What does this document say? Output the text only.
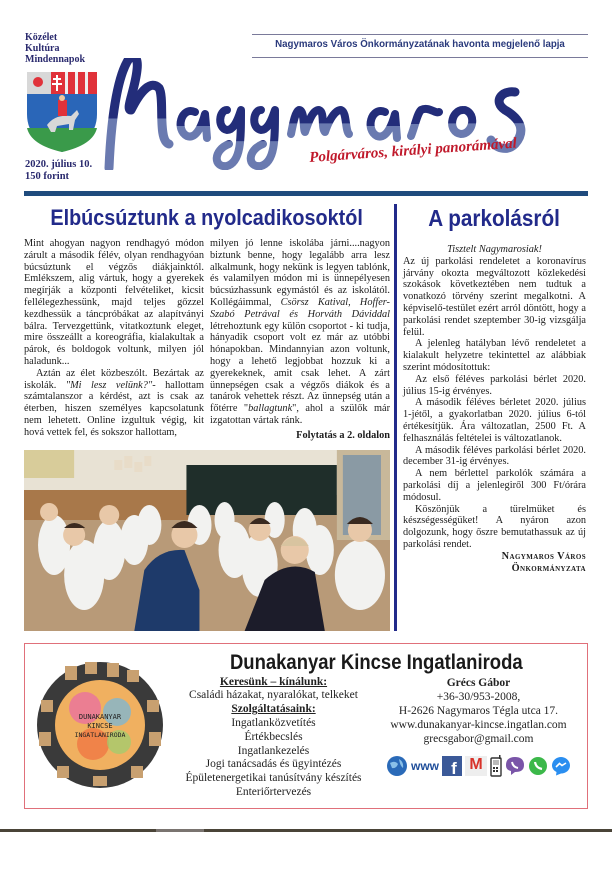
Közélet
Kultúra
Mindennapok
2020. július 10.
150 forint
Nagymaros Város Önkormányzatának havonta megjelenő lapja
Polgárváros, királyi panorámával
Elbúcsúztunk a nyolcadikosoktól

Mint ahogyan nagyon rendhagyó módon zárult a második félév, olyan rendhagyóan búcsúztunk el végzős diákjainktól. Emlékszem, alig vártuk, hogy a gyerekek megírják a központi felvételiket, kicsit fellélegezhessünk, majd teljes gőzzel kezdhessük a táncpróbákat az alapítványi bálra. Tervezgettünk, vitatkoztunk eleget, mire összeállt a koreográfia, kialakultak a párok, és boldogok voltunk, milyen jól haladunk...

Aztán az élet közbeszólt. Bezártak az iskolák. "Mi lesz velünk?"- hallottam számtalanszor a kérdést, azt is csak az éterben, hiszen személyes kapcsolatunk nem lehetett. Online izgultuk végig, kit hová vettek fel, és sokszor hallottam,

milyen jó lenne iskolába járni....nagyon biztunk benne, hogy legalább arra lesz alkalmunk, hogy nekünk is legyen tablónk, és valamilyen módon mi is ünnepélyesen búcsúzhassunk egymástól és az iskolától. Kollégáimmal, Csörsz Katival, Hoffer-Szabó Petrával és Horváth Dáviddal létrehoztunk egy külön csoportot - ki tudja, hányadik csoport volt ez már az utóbbi hónapokban. Mindannyian azon voltunk, hogy a lehető legjobbat hozzuk ki a gyerekeknek, amit csak lehet. A zárt ünnepségen csak a végzős diákok és a tanárok vehettek részt. Az ünnepség után a főtérre "ballagtunk", ahol a szülők már izgatottan vártak ránk.

Folytatás a 2. oldalon
A parkolásról
Tisztelt Nagymarosiak!

Az új parkolási rendeletet a koronavírus járvány okozta megváltozott közlekedési szokások következtében nem tudtuk a vonatkozó törvény szerint megalkotni. A képviselő-testület ezért arról döntött, hogy a parkolási rendet szeptember 30-ig vizsgálja felül.

A jelenleg hatályban lévő rendeletet a kialakult helyzetre tekintettel az alábbiak szerint módosítottuk:

Az első féléves parkolási bérlet 2020. július 15-ig érvényes.

A második féléves bérletet 2020. július 1-jétől, a gyakorlatban 2020. július 6-tól értékesítjük. Ára változatlan, 2500 Ft. A felhasználás feltételei is változatlanok.

A második féléves parkolási bérlet 2020. december 31-ig érvényes.

A nem bérlettel parkolók számára a parkolási díj a jelenlegiről 300 Ft/órára módosul.

Köszönjük a türelmüket és készségességüket! A nyáron azon dolgozunk, hogy őszre bemutathassuk az új parkolási rendet.

Nagymaros Város
Önkormányzata
DUNAKANYAR
KINCSE
INGATLANIRODA
Dunakanyar Kincse Ingatlaniroda
Keresünk – kínálunk:
Családi házakat, nyaralókat, telkeket
Szolgáltatásaink:
Ingatlanközvetítés
Értékbecslés
Ingatlankezelés
Jogi tanácsadás és ügyintézés
Épületenergetikai tanúsítvány készítés
Enteriőrtervezés
Grécs Gábor
+36-30/953-2008,
H-2626 Nagymaros Tégla utca 17.
www.dunakanyar-kincse.ingatlan.com
grecsgabor@gmail.com
www f M
